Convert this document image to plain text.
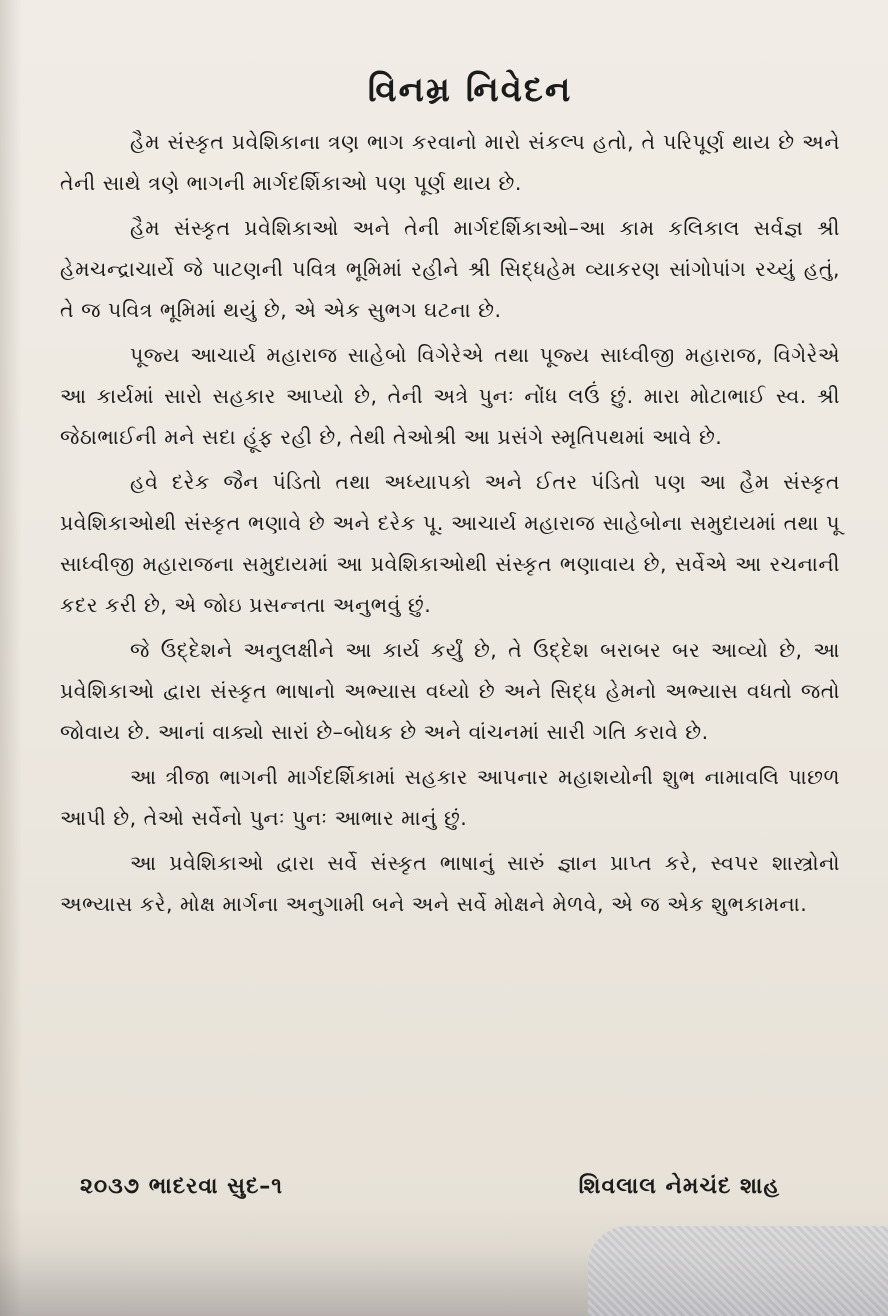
વિનમ્ર નિવેદન

હૈમ સંસ્કૃત પ્રવેશિકાના ત્રણ ભાગ કરવાનો મારો સંકલ્પ હતો, તે પરિપૂર્ણ થાય છે અને તેની સાથે ત્રણે ભાગની માર્ગદર્શિકાઓ પણ પૂર્ણ થાય છે.

હૈમ સંસ્કૃત પ્રવેશિકાઓ અને તેની માર્ગદર્શિકાઓ–આ કામ કલિકાલ સર્વજ્ઞ શ્રી હેમચન્દ્રાચાર્યે જે પાટણની પવિત્ર ભૂમિમાં રહીને શ્રી સિદ્ધહેમ વ્યાકરણ સાંગોપાંગ રચ્યું હતું, તે જ પવિત્ર ભૂમિમાં થયું છે, એ એક સુભગ ઘટના છે.

પૂજ્ય આચાર્ય મહારાજ સાહેબો વિગેરેએ તથા પૂજ્ય સાધ્વીજી મહારાજ, વિગેરેએ આ કાર્યમાં સારો સહકાર આપ્યો છે, તેની અત્રે પુનઃ નોંધ લઉં છું. મારા મોટાભાઈ સ્વ. શ્રી જેઠાભાઈની મને સદા હૂંફ રહી છે, તેથી તેઓશ્રી આ પ્રસંગે સ્મૃતિપથમાં આવે છે.

હવે દરેક જૈન પંડિતો તથા અધ્યાપકો અને ઈતર પંડિતો પણ આ હૈમ સંસ્કૃત પ્રવેશિકાઓથી સંસ્કૃત ભણાવે છે અને દરેક પૂ. આચાર્ય મહારાજ સાહેબોના સમુદાયમાં તથા પૂ સાધ્વીજી મહારાજના સમુદાયમાં આ પ્રવેશિકાઓથી સંસ્કૃત ભણાવાય છે, સર્વેએ આ રચનાની કદર કરી છે, એ જોઇ પ્રસન્નતા અનુભવું છું.

જે ઉદ્દેશને અનુલક્ષીને આ કાર્ય કર્યું છે, તે ઉદ્દેશ બરાબર બર આવ્યો છે, આ પ્રવેશિકાઓ દ્વારા સંસ્કૃત ભાષાનો અભ્યાસ વધ્યો છે અને સિદ્ધ હેમનો અભ્યાસ વધતો જતો જોવાય છે. આનાં વાક્યો સારાં છે–બોધક છે અને વાંચનમાં સારી ગતિ કરાવે છે.

આ ત્રીજા ભાગની માર્ગદર્શિકામાં સહકાર આપનાર મહાશયોની શુભ નામાવલિ પાછળ આપી છે, તેઓ સર્વેનો પુનઃ પુનઃ આભાર માનું છું.

આ પ્રવેશિકાઓ દ્વારા સર્વે સંસ્કૃત ભાષાનું સારું જ્ઞાન પ્રાપ્ત કરે, સ્વપર શાસ્ત્રોનો અભ્યાસ કરે, મોક્ષ માર્ગના અનુગામી બને અને સર્વે મોક્ષને મેળવે, એ જ એક શુભકામના.

૨૦૩૭ ભાદરવા સુદ–૧	શિવલાલ નેમચંદ શાહ
